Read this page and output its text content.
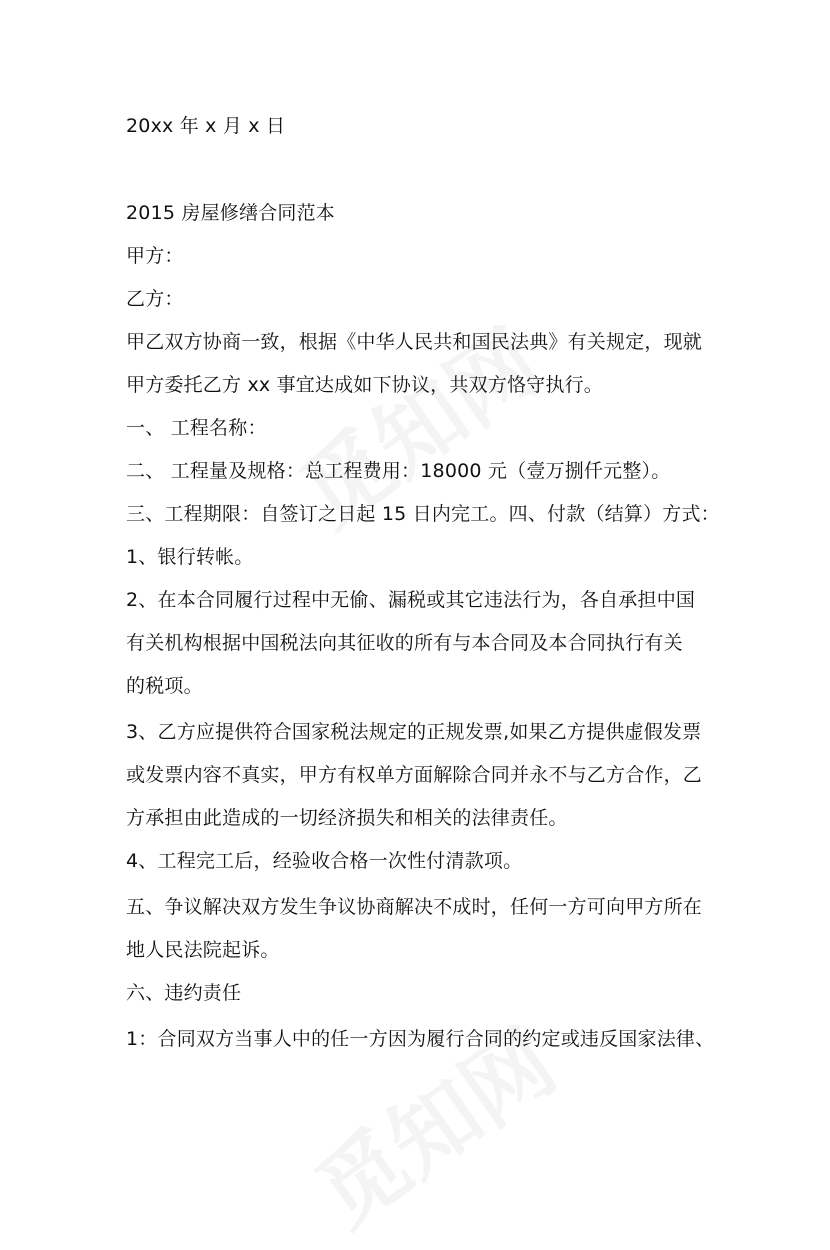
20xx 年 x 月 x 日
2015 房屋修缮合同范本
甲方：
乙方：
甲乙双方协商一致，根据《中华人民共和国民法典》有关规定，现就
甲方委托乙方 xx 事宜达成如下协议，共双方恪守执行。
一、 工程名称：
二、 工程量及规格：总工程费用：18000 元（壹万捌仟元整）。
三、工程期限：自签订之日起 15 日内完工。四、付款（结算）方式：
1、银行转帐。
2、在本合同履行过程中无偷、漏税或其它违法行为，各自承担中国
有关机构根据中国税法向其征收的所有与本合同及本合同执行有关
的税项。
3、乙方应提供符合国家税法规定的正规发票,如果乙方提供虚假发票
或发票内容不真实，甲方有权单方面解除合同并永不与乙方合作，乙
方承担由此造成的一切经济损失和相关的法律责任。
4、工程完工后，经验收合格一次性付清款项。
五、争议解决双方发生争议协商解决不成时，任何一方可向甲方所在
地人民法院起诉。
六、违约责任
1：合同双方当事人中的任一方因为履行合同的约定或违反国家法律、
